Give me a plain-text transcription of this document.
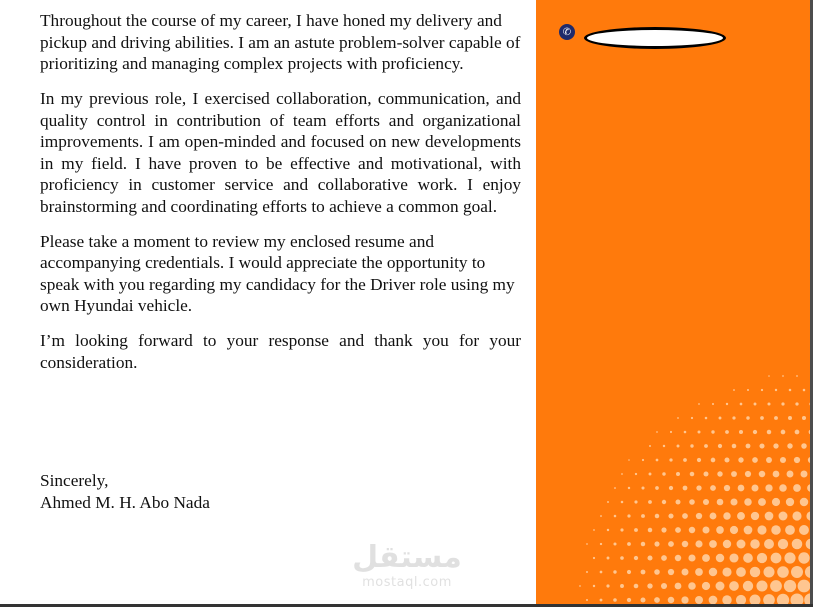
Throughout the course of my career, I have honed my delivery and pickup and driving abilities. I am an astute problem-solver capable of prioritizing and managing complex projects with proficiency.

In my previous role, I exercised collaboration, communication, and quality control in contribution of team efforts and organizational improvements. I am open-minded and focused on new developments in my field. I have proven to be effective and motivational, with proficiency in customer service and collaborative work. I enjoy brainstorming and coordinating efforts to achieve a common goal.

Please take a moment to review my enclosed resume and accompanying credentials. I would appreciate the opportunity to speak with you regarding my candidacy for the Driver role using my own Hyundai vehicle.

I’m looking forward to your response and thank you for your consideration.

Sincerely,
Ahmed M. H. Abo Nada
✆
مستقل
mostaql.com
